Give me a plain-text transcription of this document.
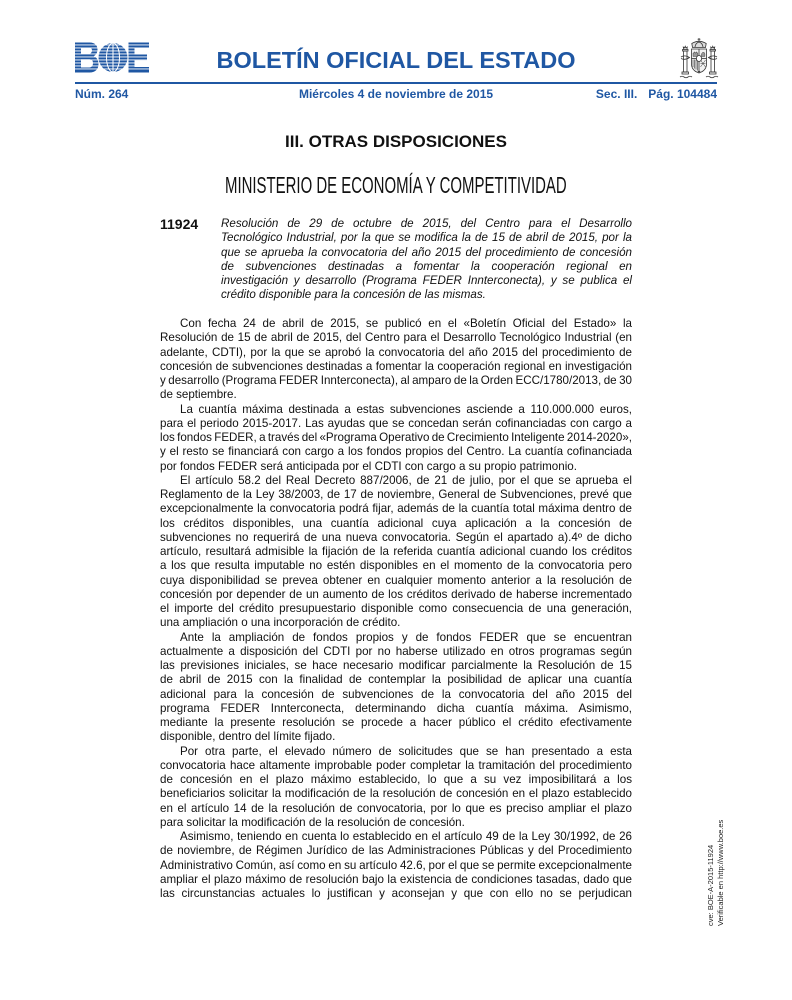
BOLETÍN OFICIAL DEL ESTADO
Núm. 264	Miércoles 4 de noviembre de 2015	Sec. III. Pág. 104484
III. OTRAS DISPOSICIONES
MINISTERIO DE ECONOMÍA Y COMPETITIVIDAD
11924 Resolución de 29 de octubre de 2015, del Centro para el Desarrollo
Tecnológico Industrial, por la que se modifica la de 15 de abril de 2015, por la
que se aprueba la convocatoria del año 2015 del procedimiento de concesión
de subvenciones destinadas a fomentar la cooperación regional en
investigación y desarrollo (Programa FEDER Innterconecta), y se publica el
crédito disponible para la concesión de las mismas.
Con fecha 24 de abril de 2015, se publicó en el «Boletín Oficial del Estado» la
Resolución de 15 de abril de 2015, del Centro para el Desarrollo Tecnológico Industrial (en
adelante, CDTI), por la que se aprobó la convocatoria del año 2015 del procedimiento de
concesión de subvenciones destinadas a fomentar la cooperación regional en investigación
y desarrollo (Programa FEDER Innterconecta), al amparo de la Orden ECC/1780/2013, de 30
de septiembre.
La cuantía máxima destinada a estas subvenciones asciende a 110.000.000 euros,
para el periodo 2015-2017. Las ayudas que se concedan serán cofinanciadas con cargo a
los fondos FEDER, a través del «Programa Operativo de Crecimiento Inteligente 2014-2020»,
y el resto se financiará con cargo a los fondos propios del Centro. La cuantía cofinanciada
por fondos FEDER será anticipada por el CDTI con cargo a su propio patrimonio.
El artículo 58.2 del Real Decreto 887/2006, de 21 de julio, por el que se aprueba el
Reglamento de la Ley 38/2003, de 17 de noviembre, General de Subvenciones, prevé que
excepcionalmente la convocatoria podrá fijar, además de la cuantía total máxima dentro de
los créditos disponibles, una cuantía adicional cuya aplicación a la concesión de
subvenciones no requerirá de una nueva convocatoria. Según el apartado a).4º de dicho
artículo, resultará admisible la fijación de la referida cuantía adicional cuando los créditos
a los que resulta imputable no estén disponibles en el momento de la convocatoria pero
cuya disponibilidad se prevea obtener en cualquier momento anterior a la resolución de
concesión por depender de un aumento de los créditos derivado de haberse incrementado
el importe del crédito presupuestario disponible como consecuencia de una generación,
una ampliación o una incorporación de crédito.
Ante la ampliación de fondos propios y de fondos FEDER que se encuentran
actualmente a disposición del CDTI por no haberse utilizado en otros programas según
las previsiones iniciales, se hace necesario modificar parcialmente la Resolución de 15
de abril de 2015 con la finalidad de contemplar la posibilidad de aplicar una cuantía
adicional para la concesión de subvenciones de la convocatoria del año 2015 del
programa FEDER Innterconecta, determinando dicha cuantía máxima. Asimismo,
mediante la presente resolución se procede a hacer público el crédito efectivamente
disponible, dentro del límite fijado.
Por otra parte, el elevado número de solicitudes que se han presentado a esta
convocatoria hace altamente improbable poder completar la tramitación del procedimiento
de concesión en el plazo máximo establecido, lo que a su vez imposibilitará a los
beneficiarios solicitar la modificación de la resolución de concesión en el plazo establecido
en el artículo 14 de la resolución de convocatoria, por lo que es preciso ampliar el plazo
para solicitar la modificación de la resolución de concesión.
Asimismo, teniendo en cuenta lo establecido en el artículo 49 de la Ley 30/1992, de 26
de noviembre, de Régimen Jurídico de las Administraciones Públicas y del Procedimiento
Administrativo Común, así como en su artículo 42.6, por el que se permite excepcionalmente
ampliar el plazo máximo de resolución bajo la existencia de condiciones tasadas, dado que
las circunstancias actuales lo justifican y aconsejan y que con ello no se perjudican	cve: BOE-A-2015-11924 Verificable en http://www.boe.es
